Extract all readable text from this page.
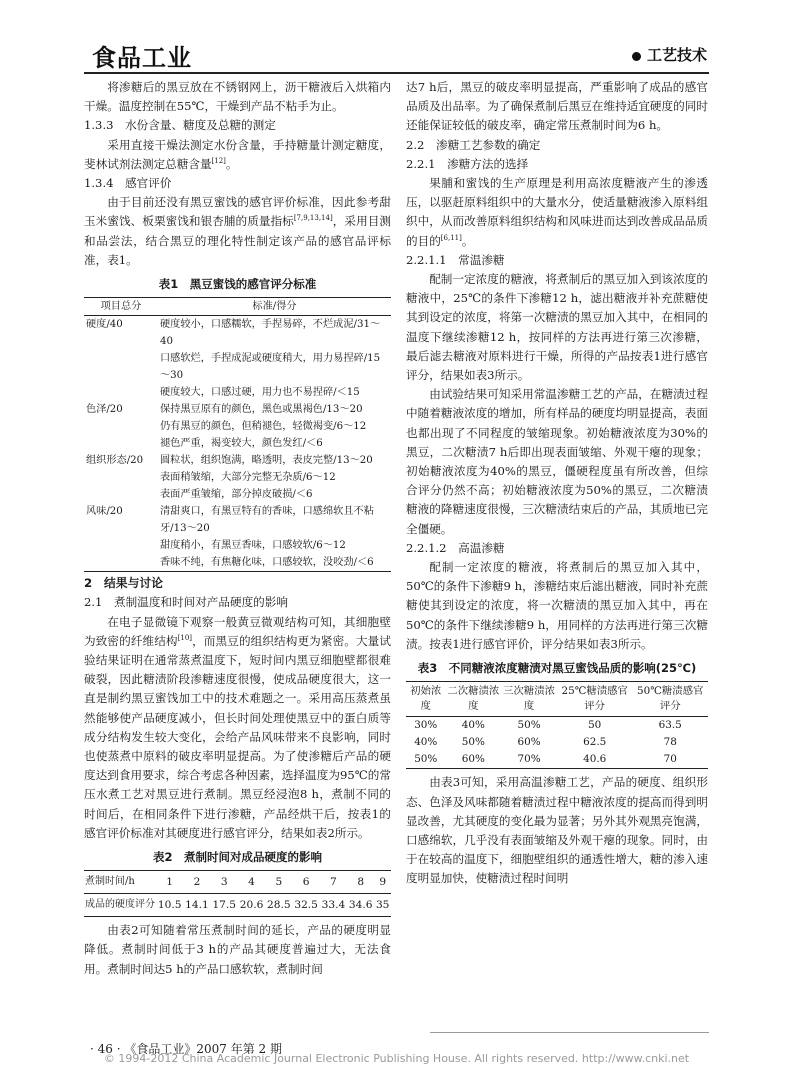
食品工业	工艺技术

将渗糖后的黑豆放在不锈钢网上，沥干糖液后入烘箱内干燥。温度控制在55℃，干燥到产品不粘手为止。

1.3.3　水份含量、糖度及总糖的测定

采用直接干燥法测定水份含量，手持糖量计测定糖度，斐林试剂法测定总糖含量[12]。

1.3.4　感官评价

由于目前还没有黑豆蜜饯的感官评价标准，因此参考甜玉米蜜饯、板栗蜜饯和银杏脯的质量指标[7,9,13,14]，采用目测和品尝法，结合黑豆的理化特性制定该产品的感官品评标准，表1。

表1　黑豆蜜饯的感官评分标准
项目总分	标准/得分
硬度/40	硬度较小，口感糯软，手捏易碎，不烂成泥/31～40
	口感软烂，手捏成泥或硬度稍大，用力易捏碎/15～30
	硬度较大，口感过硬，用力也不易捏碎/＜15
色泽/20	保持黑豆原有的颜色，黑色或黑褐色/13～20
	仍有黑豆的颜色，但稍褪色，轻微褐变/6～12
	褪色严重，褐变较大，颜色发红/＜6
组织形态/20	圆粒状，组织饱满，略透明，表皮完整/13～20
	表面稍皱缩，大部分完整无杂质/6～12
	表面严重皱缩，部分掉皮破损/＜6
风味/20	清甜爽口，有黑豆特有的香味，口感绵软且不粘牙/13～20
	甜度稍小，有黑豆香味，口感较软/6～12
	香味不纯，有焦糖化味，口感较软，没咬劲/＜6

2　结果与讨论

2.1　煮制温度和时间对产品硬度的影响

在电子显微镜下观察一般黄豆微观结构可知，其细胞壁为致密的纤维结构[10]，而黑豆的组织结构更为紧密。大量试验结果证明在通常蒸煮温度下，短时间内黑豆细胞壁都很难破裂，因此糖渍阶段渗糖速度很慢，使成品硬度很大，这一直是制约黑豆蜜饯加工中的技术难题之一。采用高压蒸煮虽然能够使产品硬度减小，但长时间处理使黑豆中的蛋白质等成分结构发生较大变化，会给产品风味带来不良影响，同时也使蒸煮中原料的破皮率明显提高。为了使渗糖后产品的硬度达到食用要求，综合考虑各种因素，选择温度为95℃的常压水煮工艺对黑豆进行煮制。黑豆经浸泡8 h，煮制不同的时间后，在相同条件下进行渗糖，产品经烘干后，按表1的感官评价标准对其硬度进行感官评分，结果如表2所示。

表2　煮制时间对成品硬度的影响
煮制时间/h	1	2	3	4	5	6	7	8	9
成品的硬度评分	10.5	14.1	17.5	20.6	28.5	32.5	33.4	34.6	35

由表2可知随着常压煮制时间的延长，产品的硬度明显降低。煮制时间低于3 h的产品其硬度普遍过大，无法食用。煮制时间达5 h的产品口感软软，煮制时间

达7 h后，黑豆的破皮率明显提高，严重影响了成品的感官品质及出品率。为了确保煮制后黑豆在维持适宜硬度的同时还能保证较低的破皮率，确定常压煮制时间为6 h。

2.2　渗糖工艺参数的确定

2.2.1　渗糖方法的选择

果脯和蜜饯的生产原理是利用高浓度糖液产生的渗透压，以驱赶原料组织中的大量水分，使适量糖液渗入原料组织中，从而改善原料组织结构和风味进而达到改善成品品质的目的[6,11]。

2.2.1.1　常温渗糖

配制一定浓度的糖液，将煮制后的黑豆加入到该浓度的糖液中，25℃的条件下渗糖12 h，滤出糖液并补充蔗糖使其到设定的浓度，将第一次糖渍的黑豆加入其中，在相同的温度下继续渗糖12 h，按同样的方法再进行第三次渗糖，最后滤去糖液对原料进行干燥，所得的产品按表1进行感官评分，结果如表3所示。

由试验结果可知采用常温渗糖工艺的产品，在糖渍过程中随着糖液浓度的增加，所有样品的硬度均明显提高，表面也都出现了不同程度的皱缩现象。初始糖液浓度为30%的黑豆，二次糖渍7 h后即出现表面皱缩、外观干瘪的现象；初始糖液浓度为40%的黑豆，僵硬程度虽有所改善，但综合评分仍然不高；初始糖液浓度为50%的黑豆，二次糖渍糖液的降糖速度很慢，三次糖渍结束后的产品，其质地已完全僵硬。

2.2.1.2　高温渗糖

配制一定浓度的糖液，将煮制后的黑豆加入其中，50℃的条件下渗糖9 h，渗糖结束后滤出糖液，同时补充蔗糖使其到设定的浓度，将一次糖渍的黑豆加入其中，再在50℃的条件下继续渗糖9 h，用同样的方法再进行第三次糖渍。按表1进行感官评价，评分结果如表3所示。

表3　不同糖液浓度糖渍对黑豆蜜饯品质的影响(25℃)
初始浓度	二次糖渍浓度	三次糖渍浓度	25℃糖渍感官评分	50℃糖渍感官评分
30%	40%	50%	50	63.5
40%	50%	60%	62.5	78
50%	60%	70%	40.6	70

由表3可知，采用高温渗糖工艺，产品的硬度、组织形态、色泽及风味都随着糖渍过程中糖液浓度的提高而得到明显改善，尤其硬度的变化最为显著；另外其外观黑亮饱满，口感绵软，几乎没有表面皱缩及外观干瘪的现象。同时，由于在较高的温度下，细胞壁组织的通透性增大，糖的渗入速度明显加快，使糖渍过程时间明

· 46 · 《食品工业》2007 年第 2 期
© 1994-2012 China Academic Journal Electronic Publishing House. All rights reserved. http://www.cnki.net
